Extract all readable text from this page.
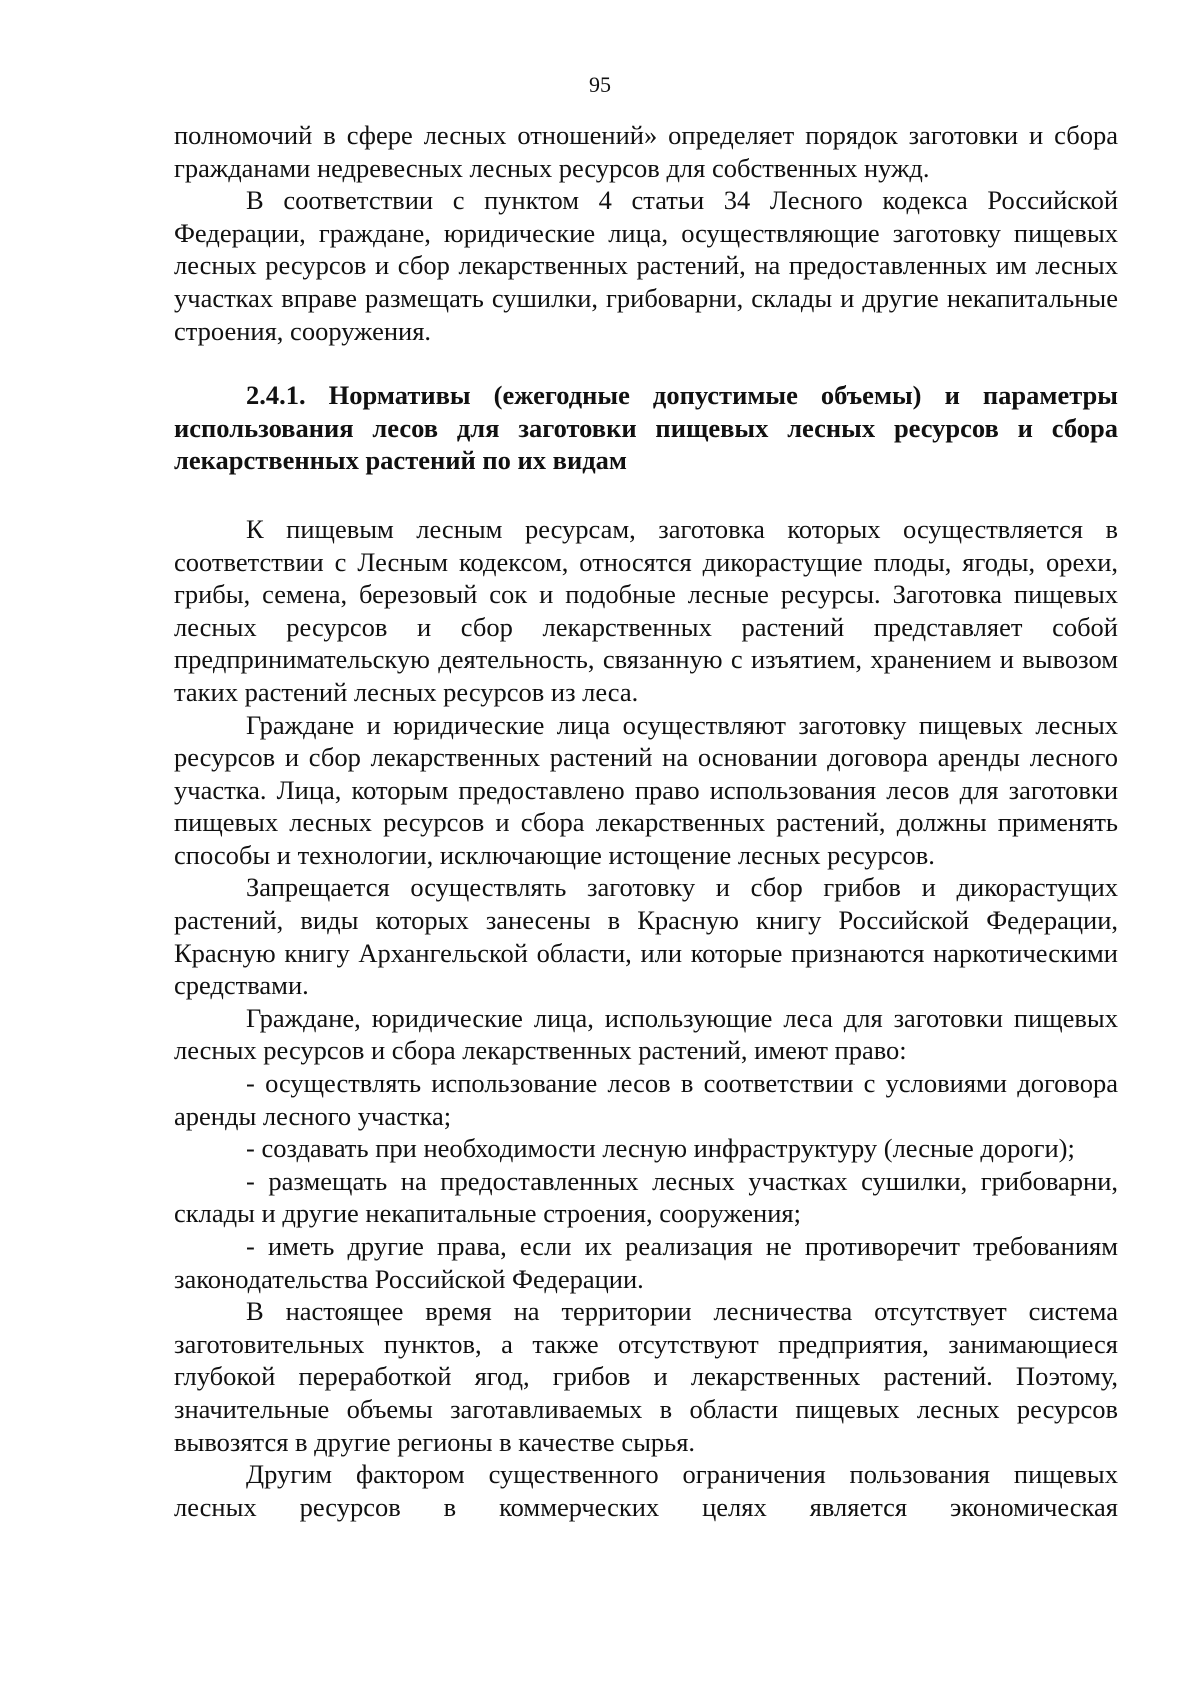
95

полномочий в сфере лесных отношений» определяет порядок заготовки и сбора гражданами недревесных лесных ресурсов для собственных нужд.

В соответствии с пунктом 4 статьи 34 Лесного кодекса Российской Федерации, граждане, юридические лица, осуществляющие заготовку пищевых лесных ресурсов и сбор лекарственных растений, на предоставленных им лесных участках вправе размещать сушилки, грибоварни, склады и другие некапитальные строения, сооружения.

2.4.1. Нормативы (ежегодные допустимые объемы) и параметры использования лесов для заготовки пищевых лесных ресурсов и сбора лекарственных растений по их видам

К пищевым лесным ресурсам, заготовка которых осуществляется в соответствии с Лесным кодексом, относятся дикорастущие плоды, ягоды, орехи, грибы, семена, березовый сок и подобные лесные ресурсы. Заготовка пищевых лесных ресурсов и сбор лекарственных растений представляет собой предпринимательскую деятельность, связанную с изъятием, хранением и вывозом таких растений лесных ресурсов из леса.

Граждане и юридические лица осуществляют заготовку пищевых лесных ресурсов и сбор лекарственных растений на основании договора аренды лесного участка. Лица, которым предоставлено право использования лесов для заготовки пищевых лесных ресурсов и сбора лекарственных растений, должны применять способы и технологии, исключающие истощение лесных ресурсов.

Запрещается осуществлять заготовку и сбор грибов и дикорастущих растений, виды которых занесены в Красную книгу Российской Федерации, Красную книгу Архангельской области, или которые признаются наркотическими средствами.

Граждане, юридические лица, использующие леса для заготовки пищевых лесных ресурсов и сбора лекарственных растений, имеют право:

- осуществлять использование лесов в соответствии с условиями договора аренды лесного участка;

- создавать при необходимости лесную инфраструктуру (лесные дороги);

- размещать на предоставленных лесных участках сушилки, грибоварни, склады и другие некапитальные строения, сооружения;

- иметь другие права, если их реализация не противоречит требованиям законодательства Российской Федерации.

В настоящее время на территории лесничества отсутствует система заготовительных пунктов, а также отсутствуют предприятия, занимающиеся глубокой переработкой ягод, грибов и лекарственных растений. Поэтому, значительные объемы заготавливаемых в области пищевых лесных ресурсов вывозятся в другие регионы в качестве сырья.

Другим фактором существенного ограничения пользования пищевых лесных ресурсов в коммерческих целях является экономическая
